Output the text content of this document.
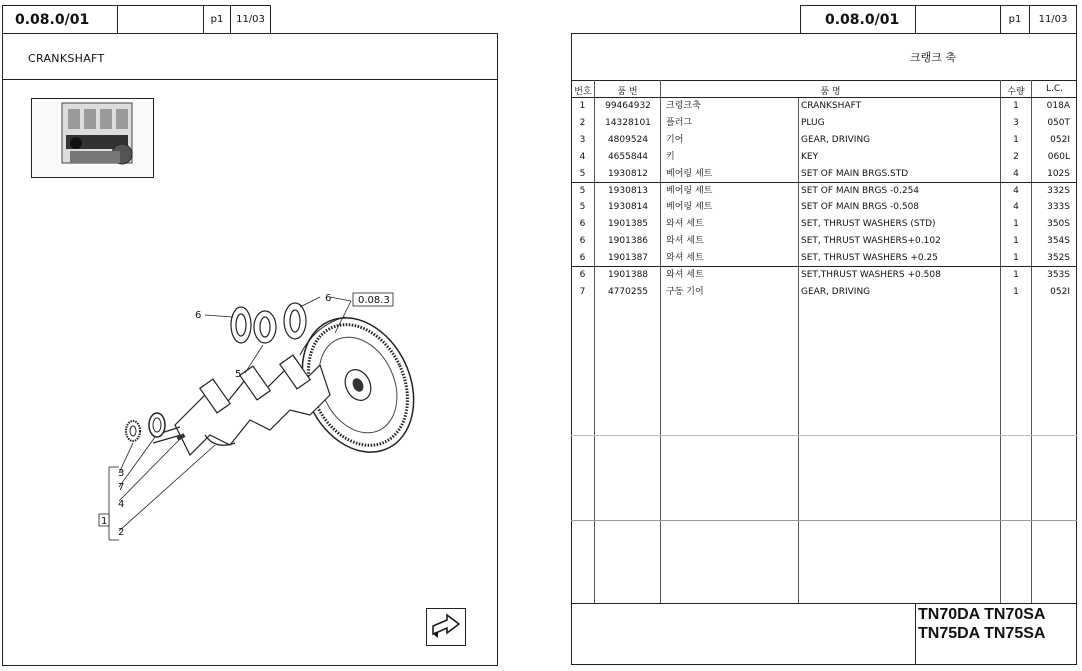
0.08.0/01	p1	11/03
CRANKSHAFT
6
6	0.08.3
5
3
7
4
1
2
0.08.0/01	p1	11/03
크랭크 축
번호	품 번	품 명	수량	L.C.
1	99464932	크렁크축	CRANKSHAFT	1	018A
2	14328101	플러그	PLUG	3	050T
3	4809524	기어	GEAR, DRIVING	1	052I
4	4655844	키	KEY	2	060L
5	1930812	베어링 세트	SET OF MAIN BRGS.STD	4	102S
5	1930813	베어링 세트	SET OF MAIN BRGS -0.254	4	332S
5	1930814	베어링 세트	SET OF MAIN BRGS -0.508	4	333S
6	1901385	와셔 세트	SET, THRUST WASHERS (STD)	1	350S
6	1901386	와셔 세트	SET, THRUST WASHERS+0.102	1	354S
6	1901387	와셔 세트	SET, THRUST WASHERS +0.25	1	352S
6	1901388	와셔 세트	SET,THRUST WASHERS +0.508	1	353S
7	4770255	구동 기어	GEAR, DRIVING	1	052I
TN70DA TN70SA
TN75DA TN75SA
